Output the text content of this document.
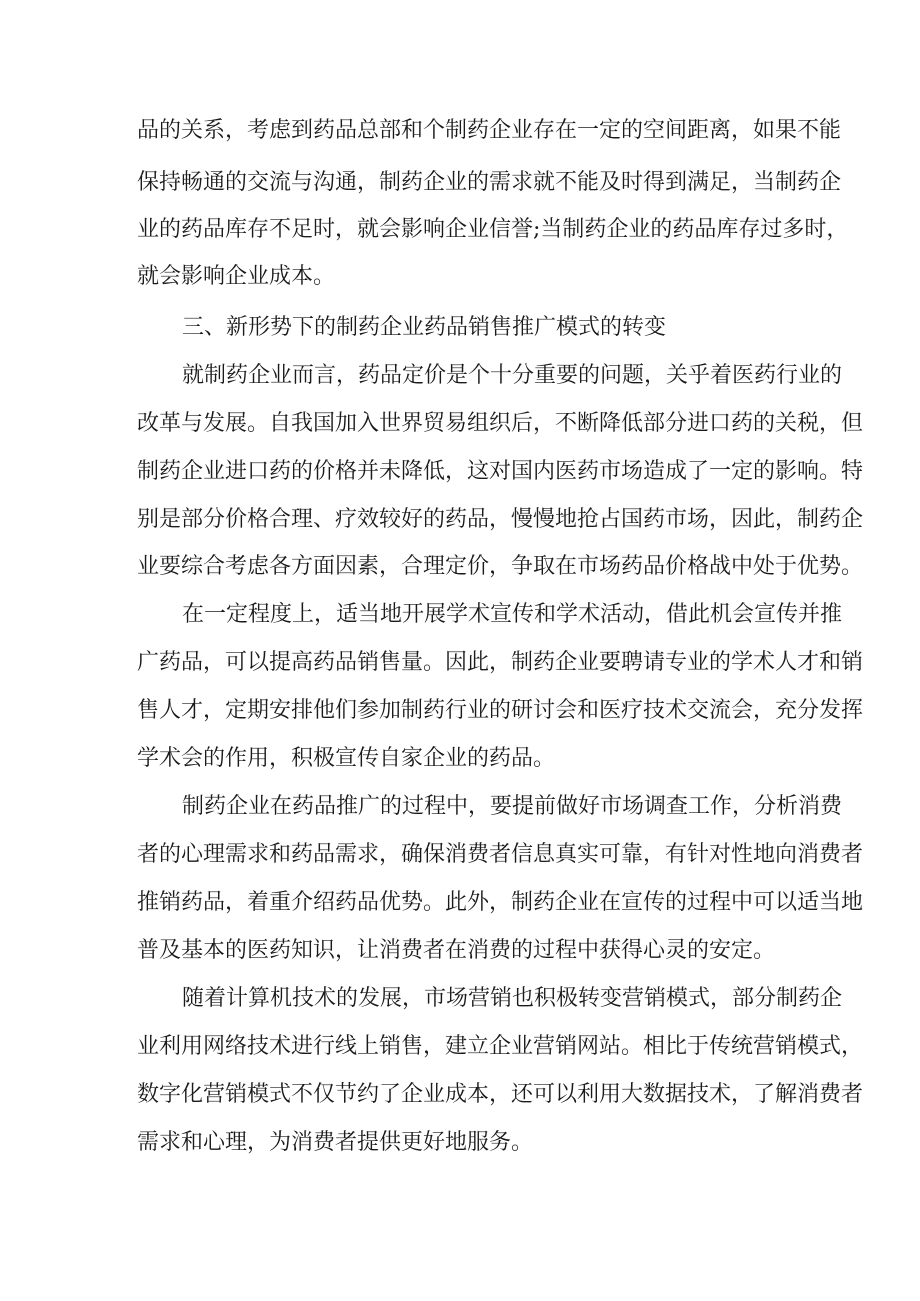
品的关系，考虑到药品总部和个制药企业存在一定的空间距离，如果不能
保持畅通的交流与沟通，制药企业的需求就不能及时得到满足，当制药企
业的药品库存不足时，就会影响企业信誉;当制药企业的药品库存过多时，
就会影响企业成本。
三、新形势下的制药企业药品销售推广模式的转变
就制药企业而言，药品定价是个十分重要的问题，关乎着医药行业的
改革与发展。自我国加入世界贸易组织后，不断降低部分进口药的关税，但
制药企业进口药的价格并未降低，这对国内医药市场造成了一定的影响。特
别是部分价格合理、疗效较好的药品，慢慢地抢占国药市场，因此，制药企
业要综合考虑各方面因素，合理定价，争取在市场药品价格战中处于优势。
在一定程度上，适当地开展学术宣传和学术活动，借此机会宣传并推
广药品，可以提高药品销售量。因此，制药企业要聘请专业的学术人才和销
售人才，定期安排他们参加制药行业的研讨会和医疗技术交流会，充分发挥
学术会的作用，积极宣传自家企业的药品。
制药企业在药品推广的过程中，要提前做好市场调查工作，分析消费
者的心理需求和药品需求，确保消费者信息真实可靠，有针对性地向消费者
推销药品，着重介绍药品优势。此外，制药企业在宣传的过程中可以适当地
普及基本的医药知识，让消费者在消费的过程中获得心灵的安定。
随着计算机技术的发展，市场营销也积极转变营销模式，部分制药企
业利用网络技术进行线上销售，建立企业营销网站。相比于传统营销模式，
数字化营销模式不仅节约了企业成本，还可以利用大数据技术，了解消费者
需求和心理，为消费者提供更好地服务。
